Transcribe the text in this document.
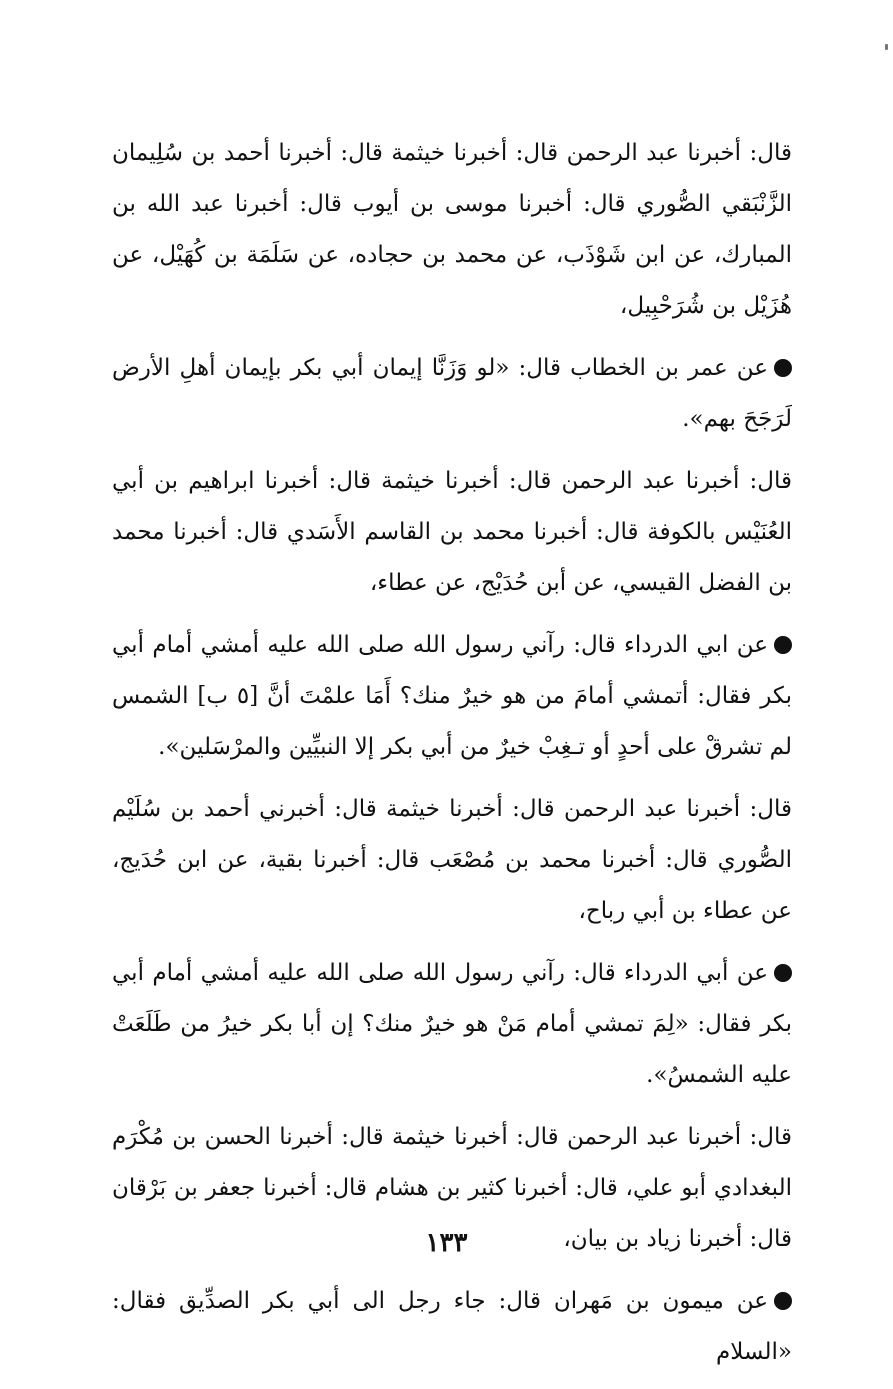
قال: أخبرنا عبد الرحمن قال: أخبرنا خيثمة قال: أخبرنا أحمد بن سُلِيمان الزَّنْبَقي الصُّوري قال: أخبرنا موسى بن أيوب قال: أخبرنا عبد الله بن المبارك، عن ابن شَوْذَب، عن محمد بن حجاده، عن سَلَمَة بن كُهَيْل، عن هُزَيْل بن شُرَحْبِيل،

عن عمر بن الخطاب قال: «لو وَزَنَّا إيمان أبي بكر بإيمان أهلِ الأرض لَرَجَحَ بهم».

قال: أخبرنا عبد الرحمن قال: أخبرنا خيثمة قال: أخبرنا ابراهيم بن أبي العُنَيْس بالكوفة قال: أخبرنا محمد بن القاسم الأَسَدي قال: أخبرنا محمد بن الفضل القيسي، عن أبن حُدَيْج، عن عطاء،

عن ابي الدرداء قال: رآني رسول الله صلى الله عليه أمشي أمام أبي بكر فقال: أتمشي أمامَ من هو خيرٌ منك؟ أَمَا علمْتَ أنَّ [٥ ب] الشمس لم تشرقْ على أحدٍ أو تـغِبْ خيرٌ من أبي بكر إلا النبيِّين والمرْسَلين».

قال: أخبرنا عبد الرحمن قال: أخبرنا خيثمة قال: أخبرني أحمد بن سُلَيْم الصُّوري قال: أخبرنا محمد بن مُصْعَب قال: أخبرنا بقية، عن ابن حُدَيج، عن عطاء بن أبي رباح،

عن أبي الدرداء قال: رآني رسول الله صلى الله عليه أمشي أمام أبي بكر فقال: «لِمَ تمشي أمام مَنْ هو خيرٌ منك؟ إن أبا بكر خيرُ من طَلَعَتْ عليه الشمسُ».

قال: أخبرنا عبد الرحمن قال: أخبرنا خيثمة قال: أخبرنا الحسن بن مُكْرَم البغدادي أبو علي، قال: أخبرنا كثير بن هشام قال: أخبرنا جعفر بن بَرْقان قال: أخبرنا زياد بن بيان،

عن ميمون بن مَهران قال: جاء رجل الى أبي بكر الصدِّيق فقال: «السلام

١٣٣
